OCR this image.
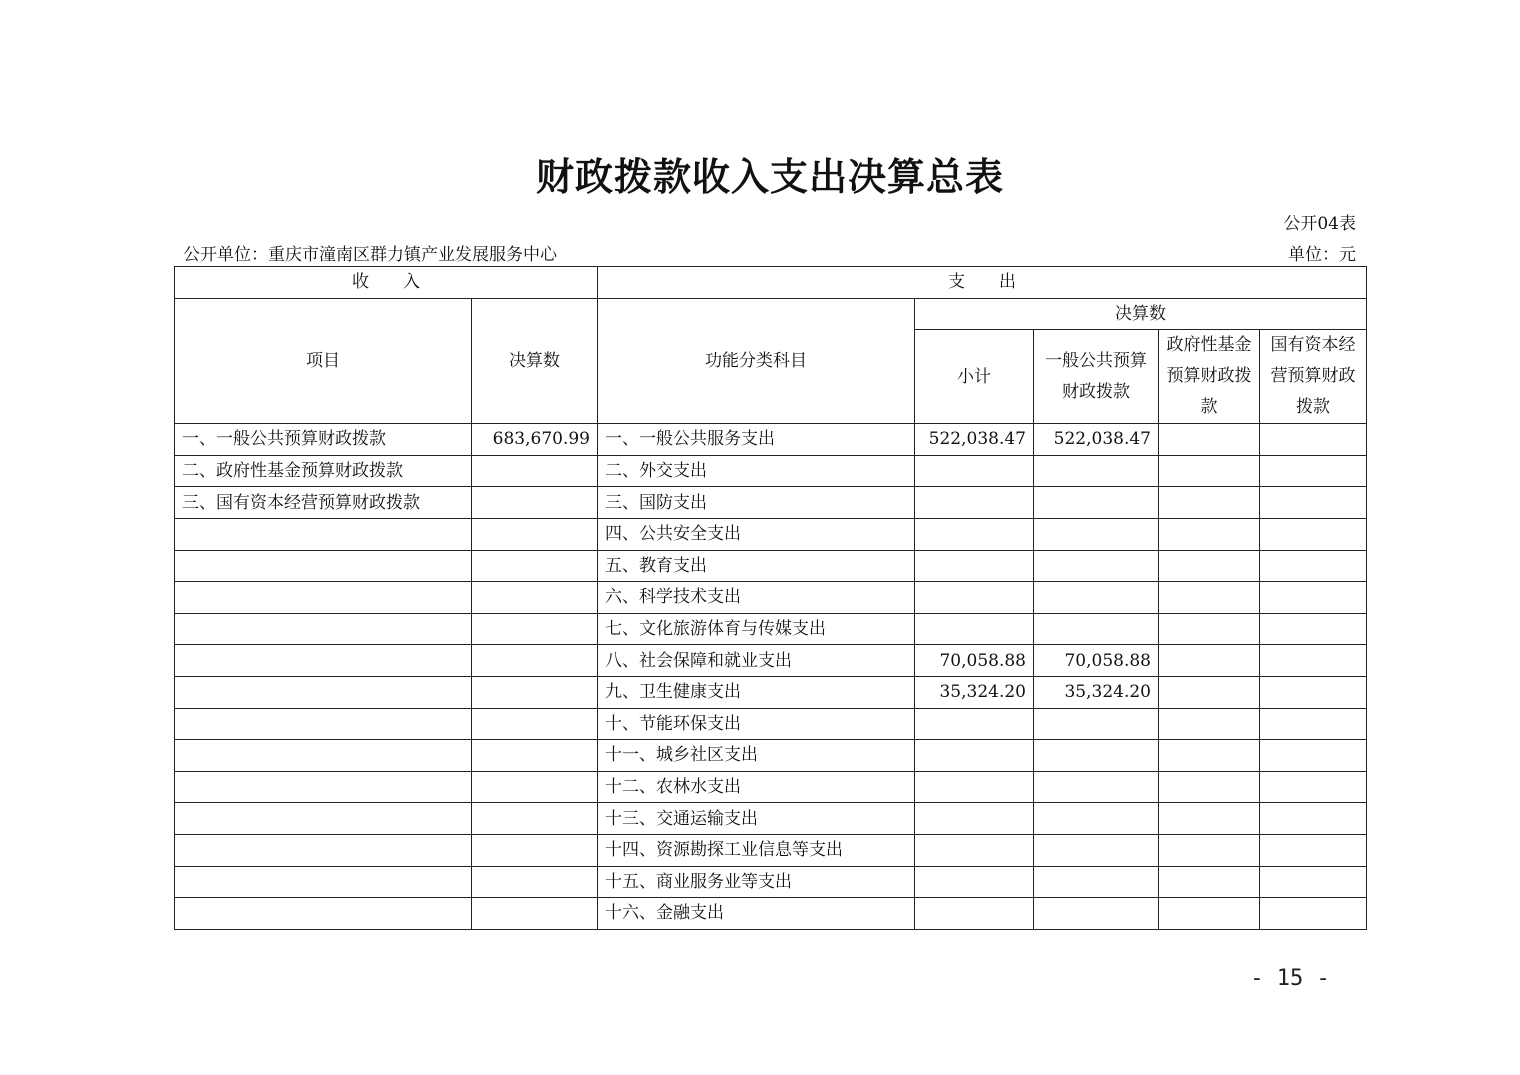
财政拨款收入支出决算总表
公开04表
公开单位：重庆市潼南区群力镇产业发展服务中心	单位：元
收　　入		支　　出				
项目	决算数	功能分类科目	决算数			
			小计	一般公共预算财政拨款	政府性基金预算财政拨款	国有资本经营预算财政拨款
一、一般公共预算财政拨款	683,670.99	一、一般公共服务支出	522,038.47	522,038.47		
二、政府性基金预算财政拨款		二、外交支出				
三、国有资本经营预算财政拨款		三、国防支出				
		四、公共安全支出				
		五、教育支出				
		六、科学技术支出				
		七、文化旅游体育与传媒支出				
		八、社会保障和就业支出	70,058.88	70,058.88		
		九、卫生健康支出	35,324.20	35,324.20		
		十、节能环保支出				
		十一、城乡社区支出				
		十二、农林水支出				
		十三、交通运输支出				
		十四、资源勘探工业信息等支出				
		十五、商业服务业等支出				
		十六、金融支出				
- 15 -
